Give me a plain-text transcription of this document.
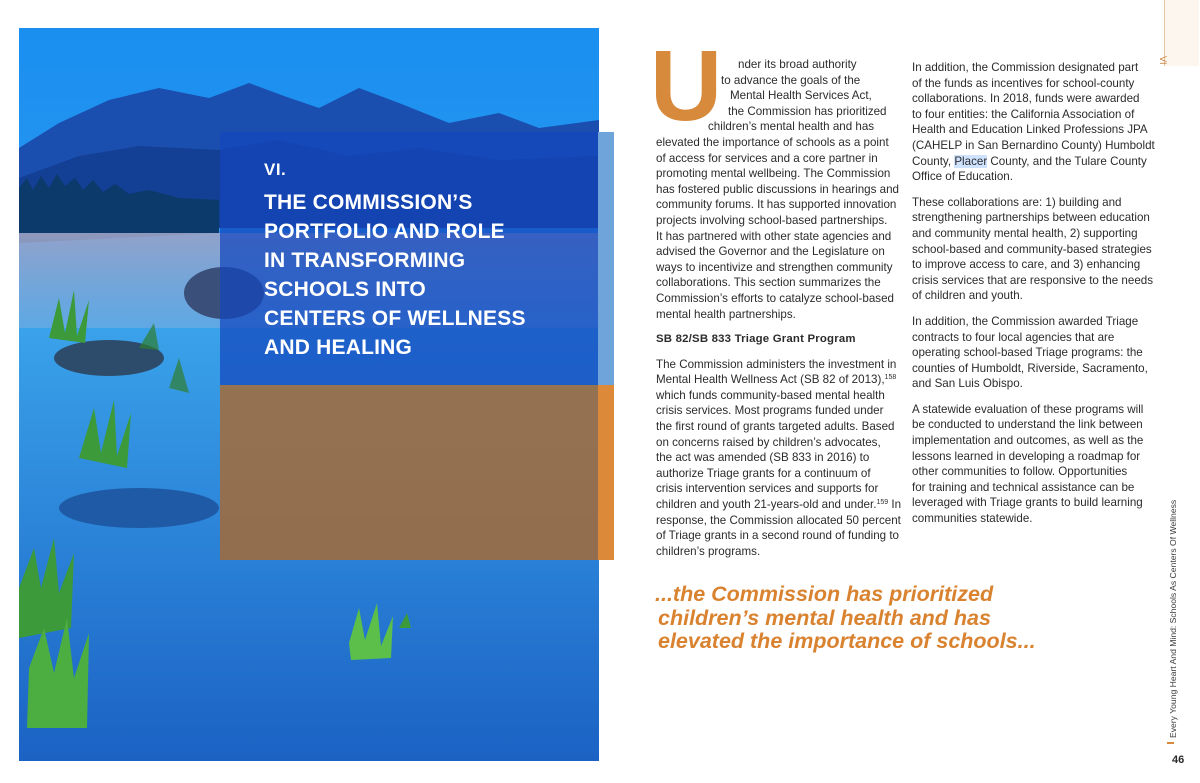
VI.
THE COMMISSION’S
PORTFOLIO AND ROLE
IN TRANSFORMING
SCHOOLS INTO
CENTERS OF WELLNESS
AND HEALING
U	nder its broad authority
to advance the goals of the
Mental Health Services Act,
the Commission has prioritized
children’s mental health and has
elevated the importance of schools as a point
of access for services and a core partner in
promoting mental wellbeing. The Commission
has fostered public discussions in hearings and
community forums. It has supported innovation
projects involving school-based partnerships.
It has partnered with other state agencies and
advised the Governor and the Legislature on
ways to incentivize and strengthen community
collaborations. This section summarizes the
Commission’s efforts to catalyze school-based
mental health partnerships.

SB 82/SB 833 Triage Grant Program

The Commission administers the investment in
Mental Health Wellness Act (SB 82 of 2013),$^{158}$
which funds community-based mental health
crisis services. Most programs funded under
the first round of grants targeted adults. Based
on concerns raised by children’s advocates,
the act was amended (SB 833 in 2016) to
authorize Triage grants for a continuum of
crisis intervention services and supports for
children and youth 21-years-old and under.$^{159}$ In
response, the Commission allocated 50 percent
of Triage grants in a second round of funding to
children’s programs.

In addition, the Commission designated part
of the funds as incentives for school-county
collaborations. In 2018, funds were awarded
to four entities: the California Association of
Health and Education Linked Professions JPA
(CAHELP in San Bernardino County) Humboldt
County, Placer County, and the Tulare County
Office of Education.

These collaborations are: 1) building and
strengthening partnerships between education
and community mental health, 2) supporting
school-based and community-based strategies
to improve access to care, and 3) enhancing
crisis services that are responsive to the needs
of children and youth.

In addition, the Commission awarded Triage
contracts to four local agencies that are
operating school-based Triage programs: the
counties of Humboldt, Riverside, Sacramento,
and San Luis Obispo.

A statewide evaluation of these programs will
be conducted to understand the link between
implementation and outcomes, as well as the
lessons learned in developing a roadmap for
other communities to follow. Opportunities
for training and technical assistance can be
leveraged with Triage grants to build learning
communities statewide.

...the Commission has prioritized
children’s mental health and has
elevated the importance of schools...
VI
Every Young Heart And Mind: Schools As Centers Of Wellness
46
